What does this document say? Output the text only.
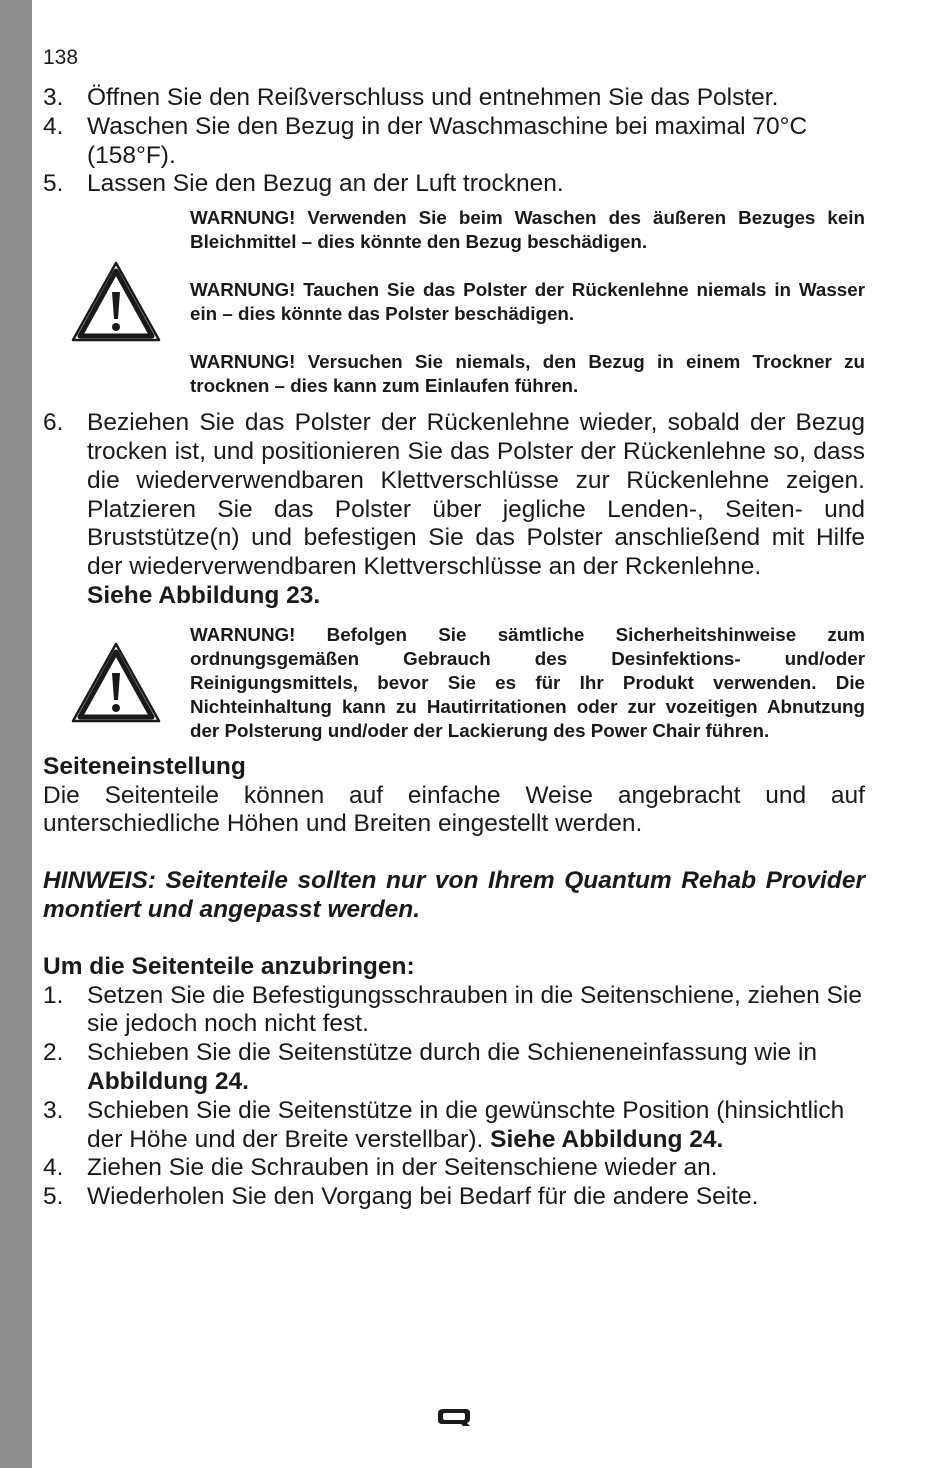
138
3. Öffnen Sie den Reißverschluss und entnehmen Sie das Polster.
4. Waschen Sie den Bezug in der Waschmaschine bei maximal 70°C (158°F).
5. Lassen Sie den Bezug an der Luft trocknen.
WARNUNG! Verwenden Sie beim Waschen des äußeren Bezuges kein Bleichmittel – dies könnte den Bezug beschädigen.
WARNUNG! Tauchen Sie das Polster der Rückenlehne niemals in Wasser ein – dies könnte das Polster beschädigen.
WARNUNG! Versuchen Sie niemals, den Bezug in einem Trockner zu trocknen – dies kann zum Einlaufen führen.
6. Beziehen Sie das Polster der Rückenlehne wieder, sobald der Bezug trocken ist, und positionieren Sie das Polster der Rückenlehne so, dass die wiederverwendbaren Klettverschlüsse zur Rückenlehne zeigen. Platzieren Sie das Polster über jegliche Lenden-, Seiten- und Bruststütze(n) und befestigen Sie das Polster anschließend mit Hilfe der wiederverwendbaren Klettverschlüsse an der Rckenlehne.
Siehe Abbildung 23.
WARNUNG! Befolgen Sie sämtliche Sicherheitshinweise zum ordnungsgemäßen Gebrauch des Desinfektions- und/oder Reinigungsmittels, bevor Sie es für Ihr Produkt verwenden. Die Nichteinhaltung kann zu Hautirritationen oder zur vozeitigen Abnutzung der Polsterung und/oder der Lackierung des Power Chair führen.
Seiteneinstellung
Die Seitenteile können auf einfache Weise angebracht und auf unterschiedliche Höhen und Breiten eingestellt werden.
HINWEIS: Seitenteile sollten nur von Ihrem Quantum Rehab Provider montiert und angepasst werden.
Um die Seitenteile anzubringen:
1. Setzen Sie die Befestigungsschrauben in die Seitenschiene, ziehen Sie sie jedoch noch nicht fest.
2. Schieben Sie die Seitenstütze durch die Schieneneinfassung wie in
Abbildung 24.
3. Schieben Sie die Seitenstütze in die gewünschte Position (hinsichtlich der Höhe und der Breite verstellbar). Siehe Abbildung 24.
4. Ziehen Sie die Schrauben in der Seitenschiene wieder an.
5. Wiederholen Sie den Vorgang bei Bedarf für die andere Seite.
